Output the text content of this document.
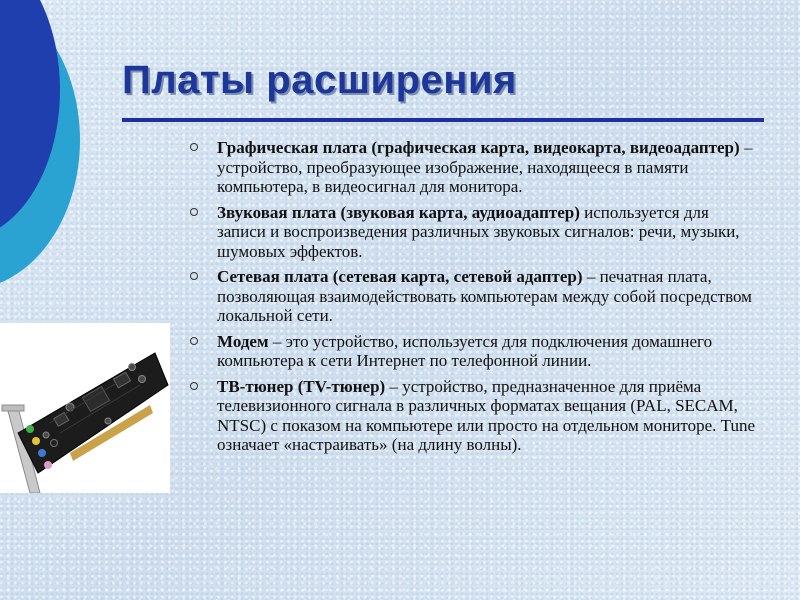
Платы расширения
Графическая плата (графическая карта, видеокарта, видеоадаптер) – устройство, преобразующее изображение, находящееся в памяти компьютера, в видеосигнал для монитора.
Звуковая плата (звуковая карта, аудиоадаптер) используется для записи и воспроизведения различных звуковых сигналов: речи, музыки, шумовых эффектов.
Сетевая плата (сетевая карта, сетевой адаптер) – печатная плата, позволяющая взаимодействовать компьютерам между собой посредством локальной сети.
Модем – это устройство, используется для подключения домашнего компьютера к сети Интернет по телефонной линии.
ТВ-тюнер (TV-тюнер) – устройство, предназначенное для приёма телевизионного сигнала в различных форматах вещания (PAL, SECAM, NTSC) с показом на компьютере или просто на отдельном мониторе. Tune означает «настраивать» (на длину волны).
